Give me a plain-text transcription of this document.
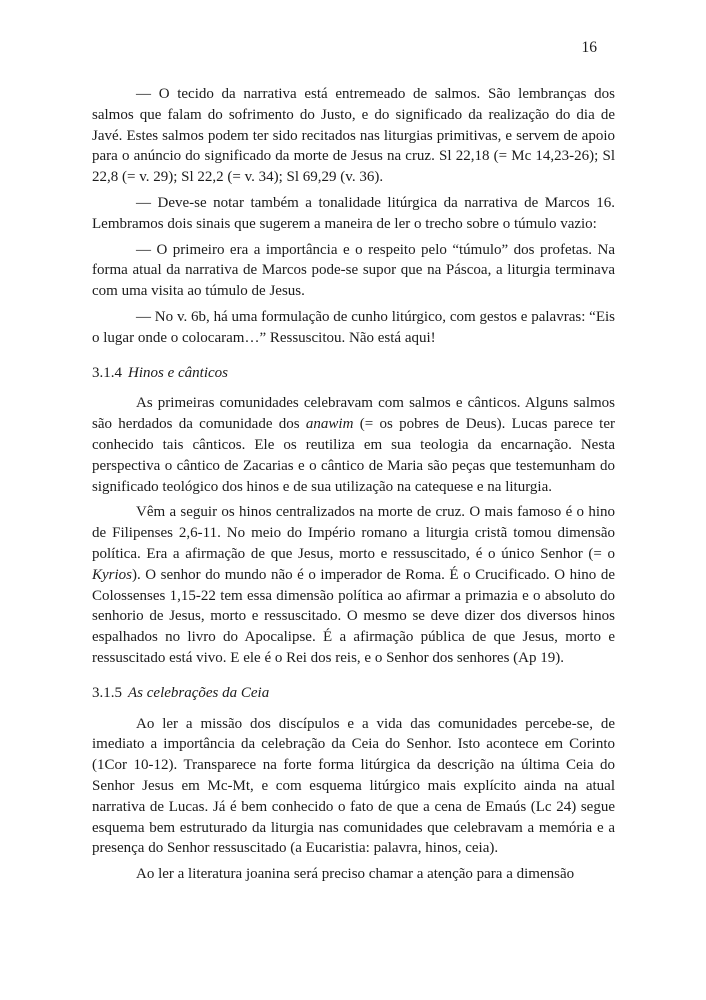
16

— O tecido da narrativa está entremeado de salmos. São lembranças dos salmos que falam do sofrimento do Justo, e do significado da realização do dia de Javé. Estes salmos podem ter sido recitados nas liturgias primitivas, e servem de apoio para o anúncio do significado da morte de Jesus na cruz. Sl 22,18 (= Mc 14,23-26); Sl 22,8 (= v. 29); Sl 22,2 (= v. 34); Sl 69,29 (v. 36).

— Deve-se notar também a tonalidade litúrgica da narrativa de Marcos 16. Lembramos dois sinais que sugerem a maneira de ler o trecho sobre o túmulo vazio:

— O primeiro era a importância e o respeito pelo “túmulo” dos profetas. Na forma atual da narrativa de Marcos pode-se supor que na Páscoa, a liturgia terminava com uma visita ao túmulo de Jesus.

— No v. 6b, há uma formulação de cunho litúrgico, com gestos e palavras: “Eis o lugar onde o colocaram…” Ressuscitou. Não está aqui!

3.1.4 Hinos e cânticos

As primeiras comunidades celebravam com salmos e cânticos. Alguns salmos são herdados da comunidade dos anawim (= os pobres de Deus). Lucas parece ter conhecido tais cânticos. Ele os reutiliza em sua teologia da encarnação. Nesta perspectiva o cântico de Zacarias e o cântico de Maria são peças que testemunham do significado teológico dos hinos e de sua utilização na catequese e na liturgia.

Vêm a seguir os hinos centralizados na morte de cruz. O mais famoso é o hino de Filipenses 2,6-11. No meio do Império romano a liturgia cristã tomou dimensão política. Era a afirmação de que Jesus, morto e ressuscitado, é o único Senhor (= o Kyrios). O senhor do mundo não é o imperador de Roma. É o Crucificado. O hino de Colossenses 1,15-22 tem essa dimensão política ao afirmar a primazia e o absoluto do senhorio de Jesus, morto e ressuscitado. O mesmo se deve dizer dos diversos hinos espalhados no livro do Apocalipse. É a afirmação pública de que Jesus, morto e ressuscitado está vivo. E ele é o Rei dos reis, e o Senhor dos senhores (Ap 19).

3.1.5 As celebrações da Ceia

Ao ler a missão dos discípulos e a vida das comunidades percebe-se, de imediato a importância da celebração da Ceia do Senhor. Isto acontece em Corinto (1Cor 10-12). Transparece na forte forma litúrgica da descrição na última Ceia do Senhor Jesus em Mc-Mt, e com esquema litúrgico mais explícito ainda na atual narrativa de Lucas. Já é bem conhecido o fato de que a cena de Emaús (Lc 24) segue esquema bem estruturado da liturgia nas comunidades que celebravam a memória e a presença do Senhor ressuscitado (a Eucaristia: palavra, hinos, ceia).

Ao ler a literatura joanina será preciso chamar a atenção para a dimensão
